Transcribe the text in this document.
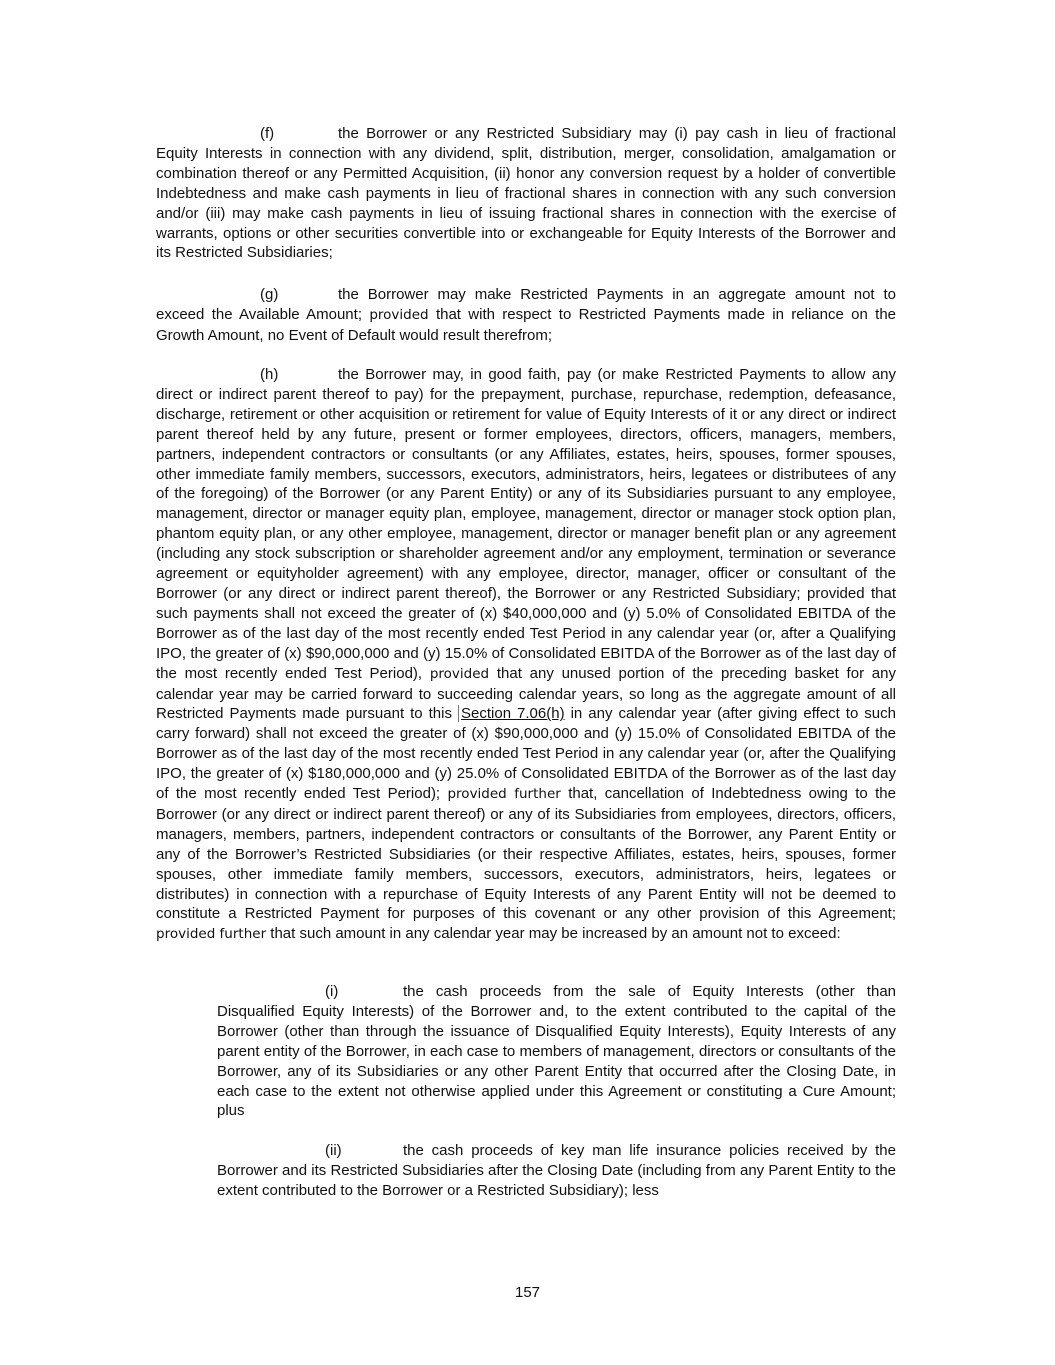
(f)	the Borrower or any Restricted Subsidiary may (i) pay cash in lieu of fractional Equity Interests in connection with any dividend, split, distribution, merger, consolidation, amalgamation or combination thereof or any Permitted Acquisition, (ii) honor any conversion request by a holder of convertible Indebtedness and make cash payments in lieu of fractional shares in connection with any such conversion and/or (iii) may make cash payments in lieu of issuing fractional shares in connection with the exercise of warrants, options or other securities convertible into or exchangeable for Equity Interests of the Borrower and its Restricted Subsidiaries;

(g)	the Borrower may make Restricted Payments in an aggregate amount not to exceed the Available Amount; provided that with respect to Restricted Payments made in reliance on the Growth Amount, no Event of Default would result therefrom;

(h)	the Borrower may, in good faith, pay (or make Restricted Payments to allow any direct or indirect parent thereof to pay) for the prepayment, purchase, repurchase, redemption, defeasance, discharge, retirement or other acquisition or retirement for value of Equity Interests of it or any direct or indirect parent thereof held by any future, present or former employees, directors, officers, managers, members, partners, independent contractors or consultants (or any Affiliates, estates, heirs, spouses, former spouses, other immediate family members, successors, executors, administrators, heirs, legatees or distributees of any of the foregoing) of the Borrower (or any Parent Entity) or any of its Subsidiaries pursuant to any employee, management, director or manager equity plan, employee, management, director or manager stock option plan, phantom equity plan, or any other employee, management, director or manager benefit plan or any agreement (including any stock subscription or shareholder agreement and/or any employment, termination or severance agreement or equityholder agreement) with any employee, director, manager, officer or consultant of the Borrower (or any direct or indirect parent thereof), the Borrower or any Restricted Subsidiary; provided that such payments shall not exceed the greater of (x) $40,000,000 and (y) 5.0% of Consolidated EBITDA of the Borrower as of the last day of the most recently ended Test Period in any calendar year (or, after a Qualifying IPO, the greater of (x) $90,000,000 and (y) 15.0% of Consolidated EBITDA of the Borrower as of the last day of the most recently ended Test Period), provided that any unused portion of the preceding basket for any calendar year may be carried forward to succeeding calendar years, so long as the aggregate amount of all Restricted Payments made pursuant to this Section 7.06(h) in any calendar year (after giving effect to such carry forward) shall not exceed the greater of (x) $90,000,000 and (y) 15.0% of Consolidated EBITDA of the Borrower as of the last day of the most recently ended Test Period in any calendar year (or, after the Qualifying IPO, the greater of (x) $180,000,000 and (y) 25.0% of Consolidated EBITDA of the Borrower as of the last day of the most recently ended Test Period); provided further that, cancellation of Indebtedness owing to the Borrower (or any direct or indirect parent thereof) or any of its Subsidiaries from employees, directors, officers, managers, members, partners, independent contractors or consultants of the Borrower, any Parent Entity or any of the Borrower’s Restricted Subsidiaries (or their respective Affiliates, estates, heirs, spouses, former spouses, other immediate family members, successors, executors, administrators, heirs, legatees or distributes) in connection with a repurchase of Equity Interests of any Parent Entity will not be deemed to constitute a Restricted Payment for purposes of this covenant or any other provision of this Agreement; provided further that such amount in any calendar year may be increased by an amount not to exceed:

(i)	the cash proceeds from the sale of Equity Interests (other than Disqualified Equity Interests) of the Borrower and, to the extent contributed to the capital of the Borrower (other than through the issuance of Disqualified Equity Interests), Equity Interests of any parent entity of the Borrower, in each case to members of management, directors or consultants of the Borrower, any of its Subsidiaries or any other Parent Entity that occurred after the Closing Date, in each case to the extent not otherwise applied under this Agreement or constituting a Cure Amount; plus

(ii)	the cash proceeds of key man life insurance policies received by the Borrower and its Restricted Subsidiaries after the Closing Date (including from any Parent Entity to the extent contributed to the Borrower or a Restricted Subsidiary); less

157
